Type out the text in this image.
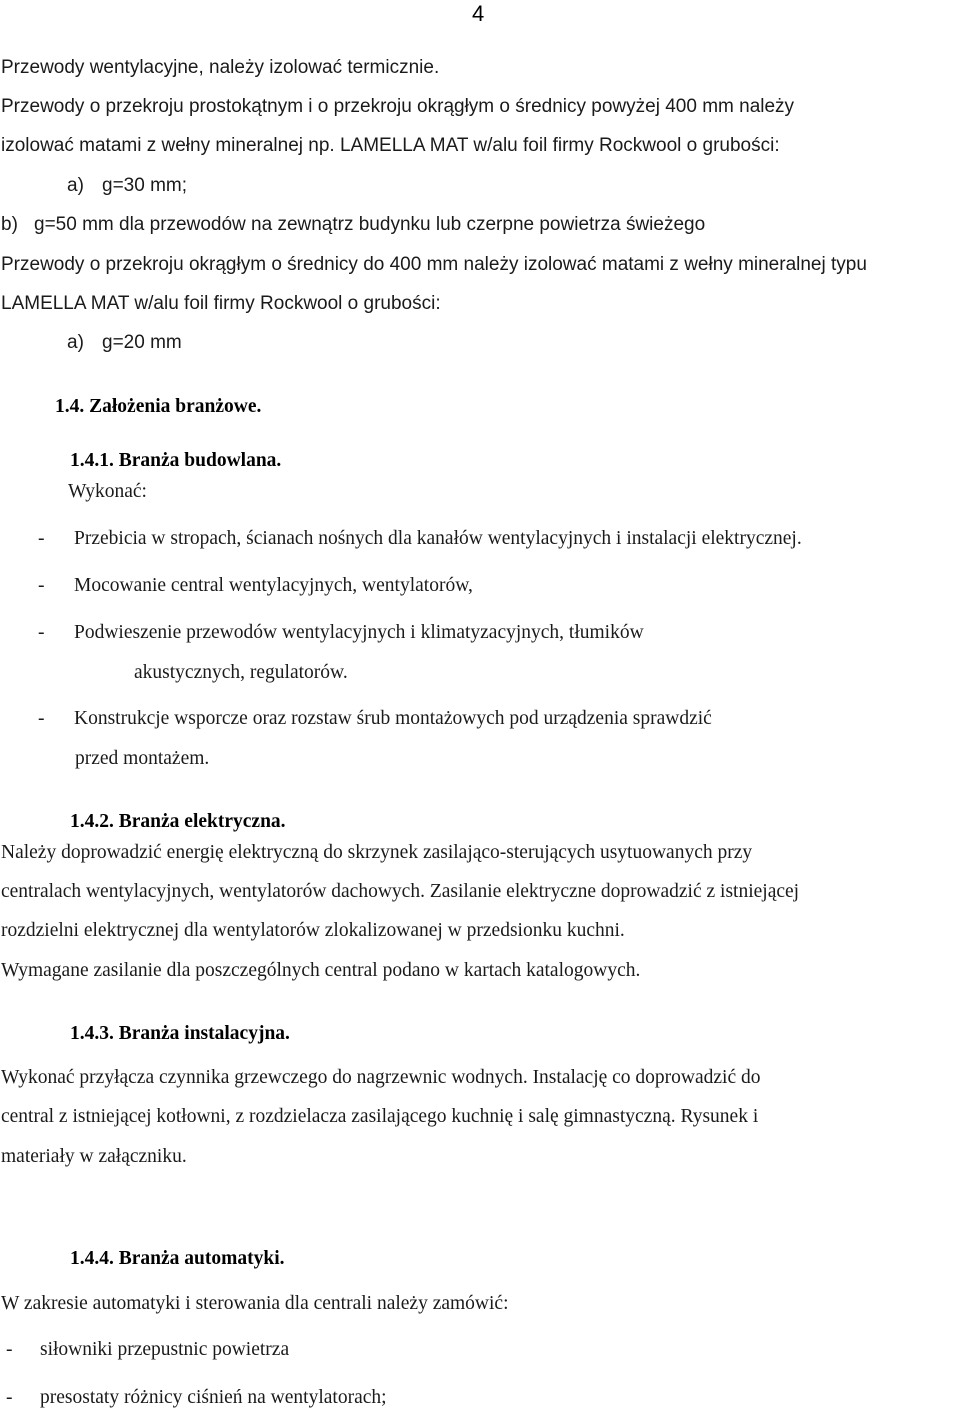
4
Przewody wentylacyjne, należy izolować termicznie.
Przewody o przekroju prostokątnym i o przekroju okrągłym o średnicy powyżej 400 mm należy
izolować matami z wełny mineralnej np. LAMELLA MAT w/alu foil firmy Rockwool o grubości:
a) g=30 mm;
b) g=50 mm dla przewodów na zewnątrz budynku lub czerpne powietrza świeżego
Przewody o przekroju okrągłym o średnicy do 400 mm należy izolować matami z wełny mineralnej typu
LAMELLA MAT w/alu foil firmy Rockwool o grubości:
a) g=20 mm
1.4. Założenia branżowe.
1.4.1. Branża budowlana.
Wykonać:
- Przebicia w stropach, ścianach nośnych dla kanałów wentylacyjnych i instalacji elektrycznej.
- Mocowanie central wentylacyjnych, wentylatorów,
- Podwieszenie przewodów wentylacyjnych i klimatyzacyjnych, tłumików
akustycznych, regulatorów.
- Konstrukcje wsporcze oraz rozstaw śrub montażowych pod urządzenia sprawdzić
przed montażem.
1.4.2. Branża elektryczna.
Należy doprowadzić energię elektryczną do skrzynek zasilająco-sterujących usytuowanych przy
centralach wentylacyjnych, wentylatorów dachowych. Zasilanie elektryczne doprowadzić z istniejącej
rozdzielni elektrycznej dla wentylatorów zlokalizowanej w przedsionku kuchni.
Wymagane zasilanie dla poszczególnych central podano w kartach katalogowych.
1.4.3. Branża instalacyjna.
Wykonać przyłącza czynnika grzewczego do nagrzewnic wodnych. Instalację co doprowadzić do
central z istniejącej kotłowni, z rozdzielacza zasilającego kuchnię i salę gimnastyczną. Rysunek i
materiały w załączniku.
1.4.4. Branża automatyki.
W zakresie automatyki i sterowania dla centrali należy zamówić:
- siłowniki przepustnic powietrza
- presostaty różnicy ciśnień na wentylatorach;
